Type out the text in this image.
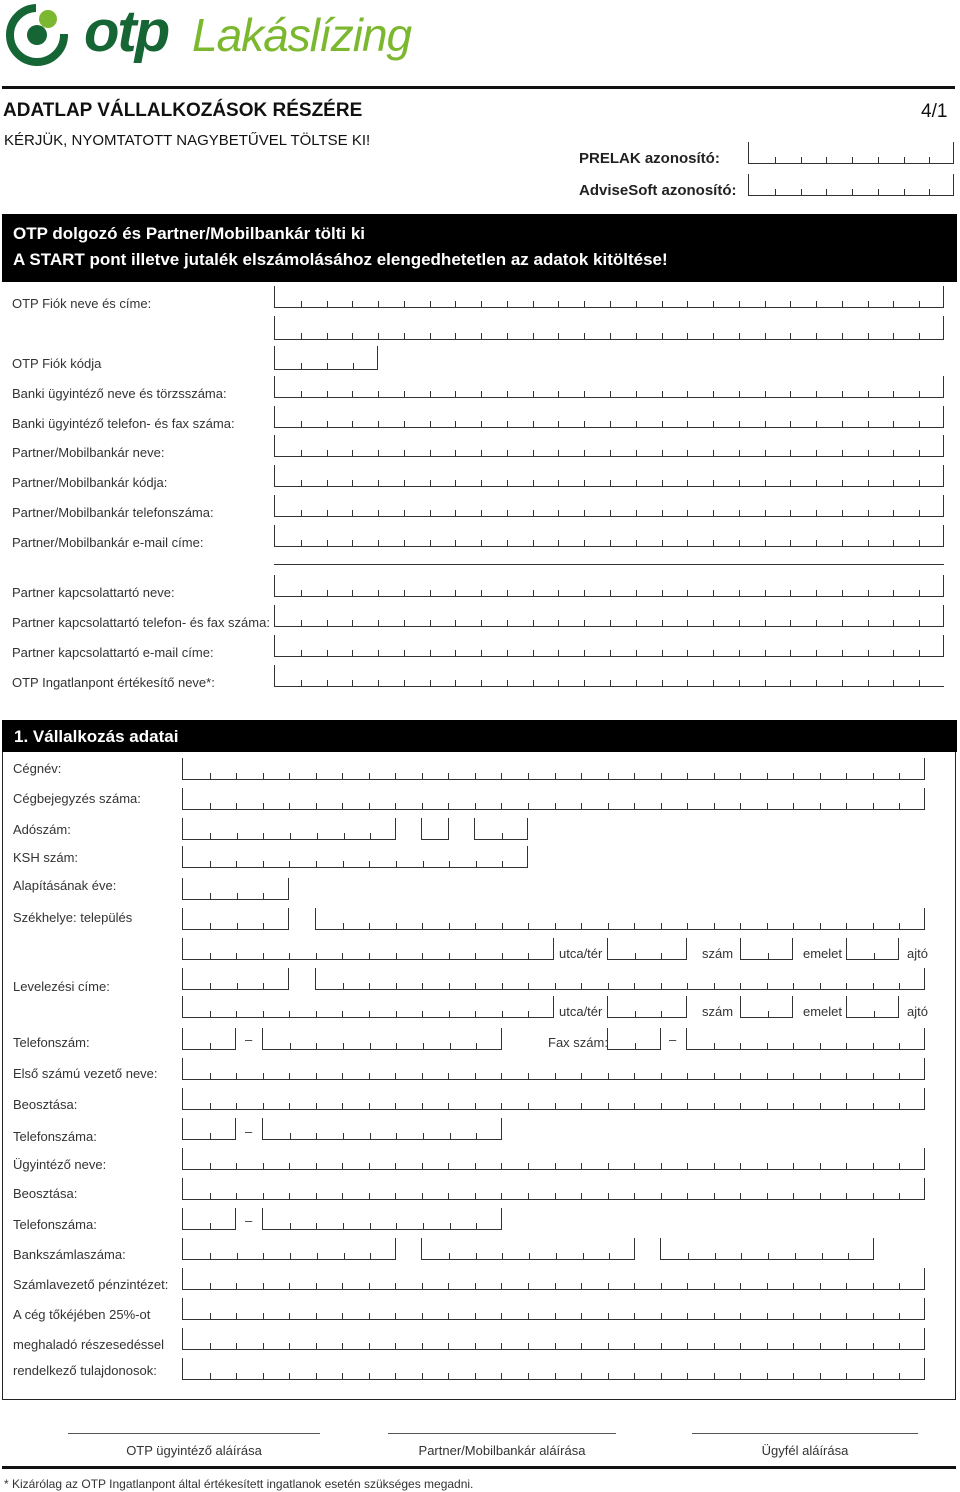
otp Lakáslízing
ADATLAP VÁLLALKOZÁSOK RÉSZÉRE	4/1
KÉRJÜK, NYOMTATOTT NAGYBETŰVEL TÖLTSE KI!
PRELAK azonosító:
AdviseSoft azonosító:
OTP dolgozó és Partner/Mobilbankár tölti ki
A START pont illetve jutalék elszámolásához elengedhetetlen az adatok kitöltése!
OTP Fiók neve és címe:
OTP Fiók kódja
Banki ügyintéző neve és törzsszáma:
Banki ügyintéző telefon- és fax száma:
Partner/Mobilbankár neve:
Partner/Mobilbankár kódja:
Partner/Mobilbankár telefonszáma:
Partner/Mobilbankár e-mail címe:
Partner kapcsolattartó neve:
Partner kapcsolattartó telefon- és fax száma:
Partner kapcsolattartó e-mail címe:
OTP Ingatlanpont értékesítő neve*:
1. Vállalkozás adatai
Cégnév:
Cégbejegyzés száma:
Adószám:
KSH szám:
Alapításának éve:
Székhelye: település
utca/tér	szám	emelet	ajtó
Levelezési címe:
utca/tér	szám	emelet	ajtó
Telefonszám:	–	Fax szám:	–
Első számú vezető neve:
Beosztása:
Telefonszáma:	–
Ügyintéző neve:
Beosztása:
Telefonszáma:	–
Bankszámlaszáma:
Számlavezető pénzintézet:
A cég tőkéjében 25%-ot
meghaladó részesedéssel
rendelkező tulajdonosok:
OTP ügyintéző aláírása	Partner/Mobilbankár aláírása	Ügyfél aláírása
* Kizárólag az OTP Ingatlanpont által értékesített ingatlanok esetén szükséges megadni.
